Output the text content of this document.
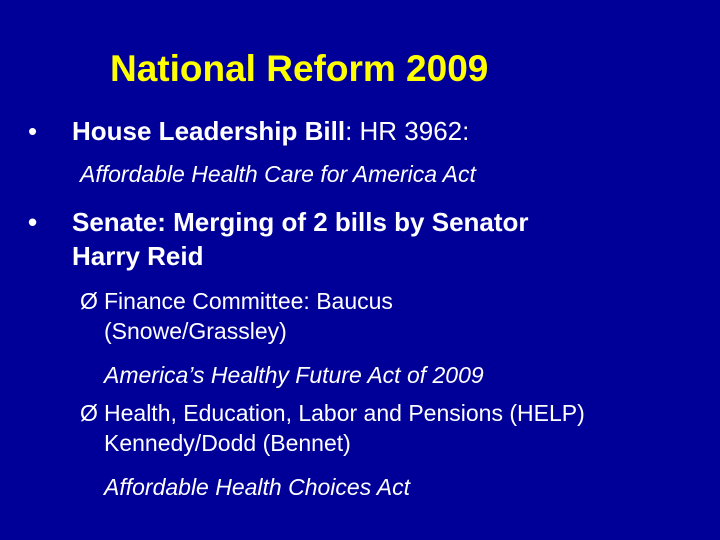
National Reform 2009
• House Leadership Bill: HR 3962:
Affordable Health Care for America Act
• Senate: Merging of 2 bills by Senator
Harry Reid
Ø Finance Committee: Baucus
(Snowe/Grassley)
America’s Healthy Future Act of 2009
Ø Health, Education, Labor and Pensions (HELP)
Kennedy/Dodd (Bennet)
Affordable Health Choices Act
